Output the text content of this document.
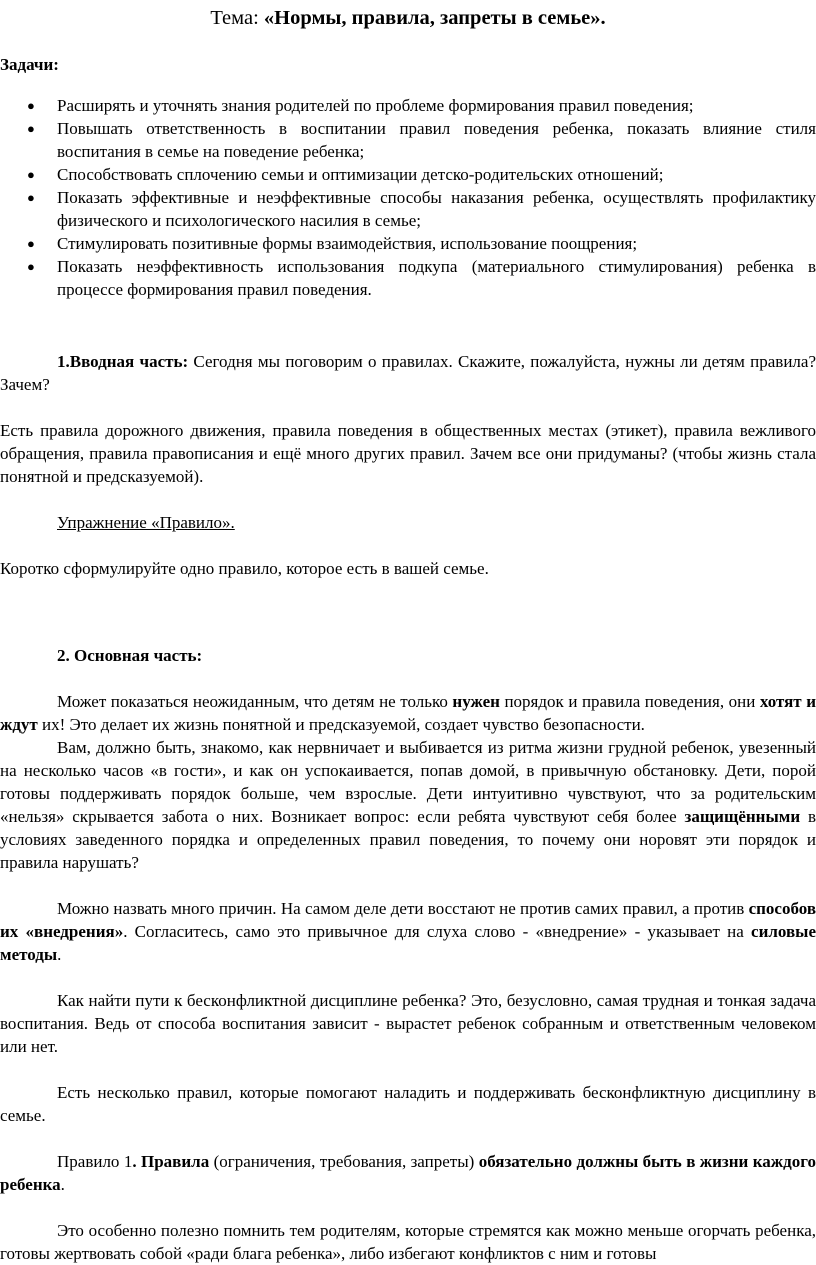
Тема: «Нормы, правила, запреты в семье».
Задачи:
● Расширять и уточнять знания родителей по проблеме формирования правил поведения;
● Повышать ответственность в воспитании правил поведения ребенка, показать влияние стиля воспитания в семье на поведение ребенка;
● Способствовать сплочению семьи и оптимизации детско-родительских отношений;
● Показать эффективные и неэффективные способы наказания ребенка, осуществлять профилактику физического и психологического насилия в семье;
● Стимулировать позитивные формы взаимодействия, использование поощрения;
● Показать неэффективность использования подкупа (материального стимулирования) ребенка в процессе формирования правил поведения.

1.Вводная часть: Сегодня мы поговорим о правилах. Скажите, пожалуйста, нужны ли детям правила? Зачем?

Есть правила дорожного движения, правила поведения в общественных местах (этикет), правила вежливого обращения, правила правописания и ещё много других правил. Зачем все они придуманы? (чтобы жизнь стала понятной и предсказуемой).

Упражнение «Правило».

Коротко сформулируйте одно правило, которое есть в вашей семье.

2. Основная часть:

Может показаться неожиданным, что детям не только нужен порядок и правила поведения, они хотят и ждут их! Это делает их жизнь понятной и предсказуемой, создает чувство безопасности.

Вам, должно быть, знакомо, как нервничает и выбивается из ритма жизни грудной ребенок, увезенный на несколько часов «в гости», и как он успокаивается, попав домой, в привычную обстановку. Дети, порой готовы поддерживать порядок больше, чем взрослые. Дети интуитивно чувствуют, что за родительским «нельзя» скрывается забота о них. Возникает вопрос: если ребята чувствуют себя более защищёнными в условиях заведенного порядка и определенных правил поведения, то почему они норовят эти порядок и правила нарушать?

Можно назвать много причин. На самом деле дети восстают не против самих правил, а против способов их «внедрения». Согласитесь, само это привычное для слуха слово - «внедрение» - указывает на силовые методы.

Как найти пути к бесконфликтной дисциплине ребенка? Это, безусловно, самая трудная и тонкая задача воспитания. Ведь от способа воспитания зависит - вырастет ребенок собранным и ответственным человеком или нет.

Есть несколько правил, которые помогают наладить и поддерживать бесконфликтную дисциплину в семье.

Правило 1. Правила (ограничения, требования, запреты) обязательно должны быть в жизни каждого ребенка.

Это особенно полезно помнить тем родителям, которые стремятся как можно меньше огорчать ребенка, готовы жертвовать собой «ради блага ребенка», либо избегают конфликтов с ним и готовы
